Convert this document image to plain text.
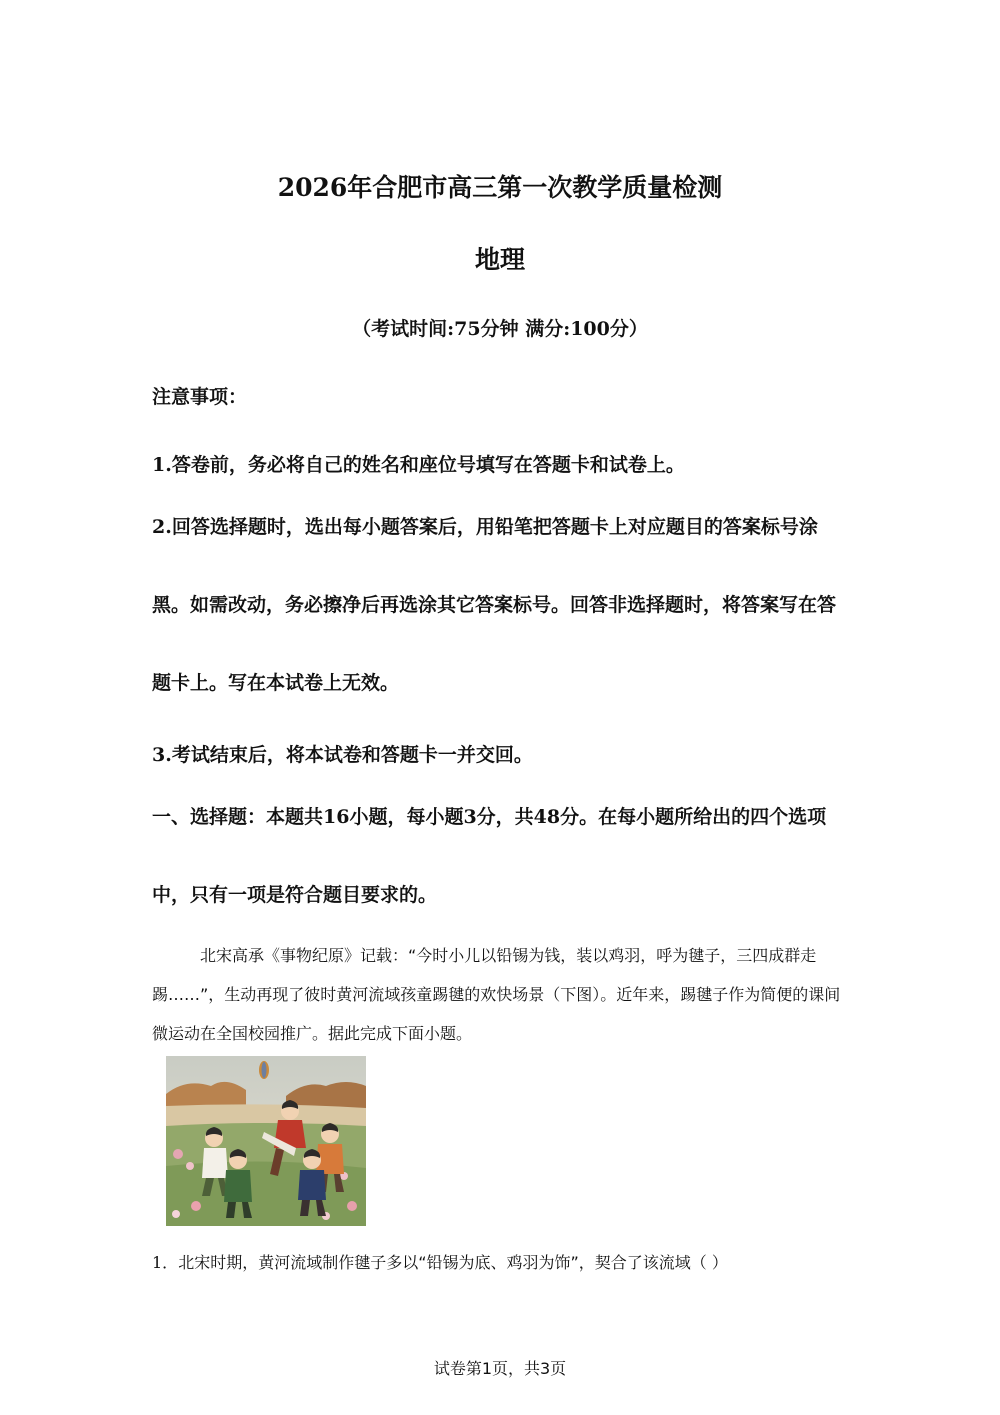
2026年合肥市高三第一次教学质量检测
地理

（考试时间:75分钟 满分:100分）

注意事项：

1.答卷前，务必将自己的姓名和座位号填写在答题卡和试卷上。

2.回答选择题时，选出每小题答案后，用铅笔把答题卡上对应题目的答案标号涂黑。如需改动，务必擦净后再选涂其它答案标号。回答非选择题时，将答案写在答题卡上。写在本试卷上无效。

3.考试结束后，将本试卷和答题卡一并交回。

一、选择题：本题共16小题，每小题3分，共48分。在每小题所给出的四个选项中，只有一项是符合题目要求的。

北宋高承《事物纪原》记载：“今时小儿以铅锡为钱，装以鸡羽，呼为毽子，三四成群走踢……”，生动再现了彼时黄河流域孩童踢毽的欢快场景（下图）。近年来，踢毽子作为简便的课间微运动在全国校园推广。据此完成下面小题。

1．北宋时期，黄河流域制作毽子多以“铅锡为底、鸡羽为饰”，契合了该流域（ ）

试卷第1页，共3页
